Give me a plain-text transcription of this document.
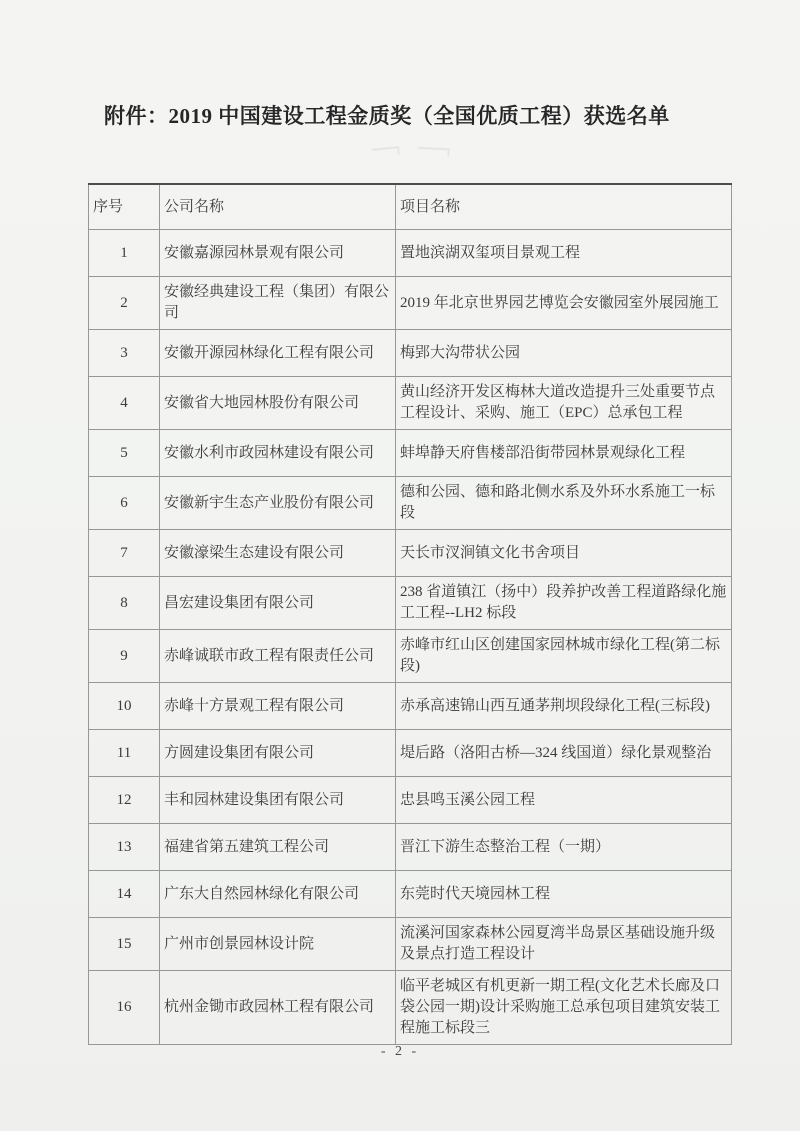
附件：2019 中国建设工程金质奖（全国优质工程）获选名单
序号	公司名称	项目名称
1	安徽嘉源园林景观有限公司	置地滨湖双玺项目景观工程
2	安徽经典建设工程（集团）有限公司	2019 年北京世界园艺博览会安徽园室外展园施工
3	安徽开源园林绿化工程有限公司	梅郢大沟带状公园
4	安徽省大地园林股份有限公司	黄山经济开发区梅林大道改造提升三处重要节点工程设计、采购、施工（EPC）总承包工程
5	安徽水利市政园林建设有限公司	蚌埠静天府售楼部沿街带园林景观绿化工程
6	安徽新宇生态产业股份有限公司	德和公园、德和路北侧水系及外环水系施工一标段
7	安徽濠梁生态建设有限公司	天长市汊涧镇文化书舍项目
8	昌宏建设集团有限公司	238 省道镇江（扬中）段养护改善工程道路绿化施工工程--LH2 标段
9	赤峰诚联市政工程有限责任公司	赤峰市红山区创建国家园林城市绿化工程(第二标段)
10	赤峰十方景观工程有限公司	赤承高速锦山西互通茅荆坝段绿化工程(三标段)
11	方圆建设集团有限公司	堤后路（洛阳古桥—324 线国道）绿化景观整治
12	丰和园林建设集团有限公司	忠县鸣玉溪公园工程
13	福建省第五建筑工程公司	晋江下游生态整治工程（一期）
14	广东大自然园林绿化有限公司	东莞时代天境园林工程
15	广州市创景园林设计院	流溪河国家森林公园夏湾半岛景区基础设施升级及景点打造工程设计
16	杭州金锄市政园林工程有限公司	临平老城区有机更新一期工程(文化艺术长廊及口袋公园一期)设计采购施工总承包项目建筑安装工程施工标段三
- 2 -
